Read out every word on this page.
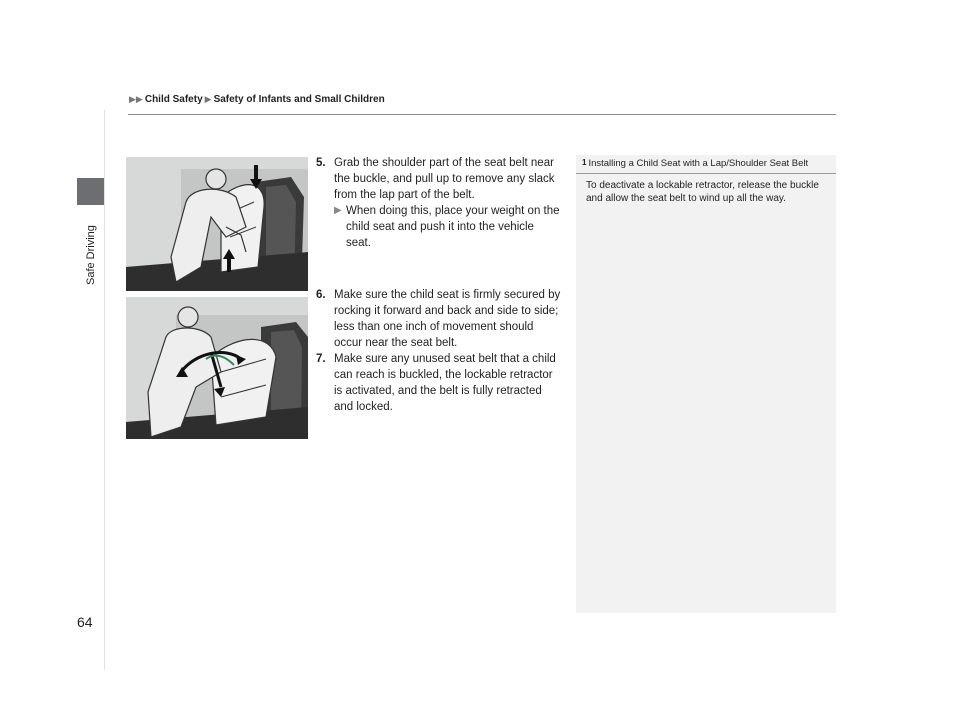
Safe Driving
▶▶ Child Safety ▶ Safety of Infants and Small Children
5. Grab the shoulder part of the seat belt near the buckle, and pull up to remove any slack from the lap part of the belt.
▶ When doing this, place your weight on the child seat and push it into the vehicle seat.
6. Make sure the child seat is firmly secured by rocking it forward and back and side to side; less than one inch of movement should occur near the seat belt.
7. Make sure any unused seat belt that a child can reach is buckled, the lockable retractor is activated, and the belt is fully retracted and locked.
1 Installing a Child Seat with a Lap/Shoulder Seat Belt
To deactivate a lockable retractor, release the buckle and allow the seat belt to wind up all the way.
64
